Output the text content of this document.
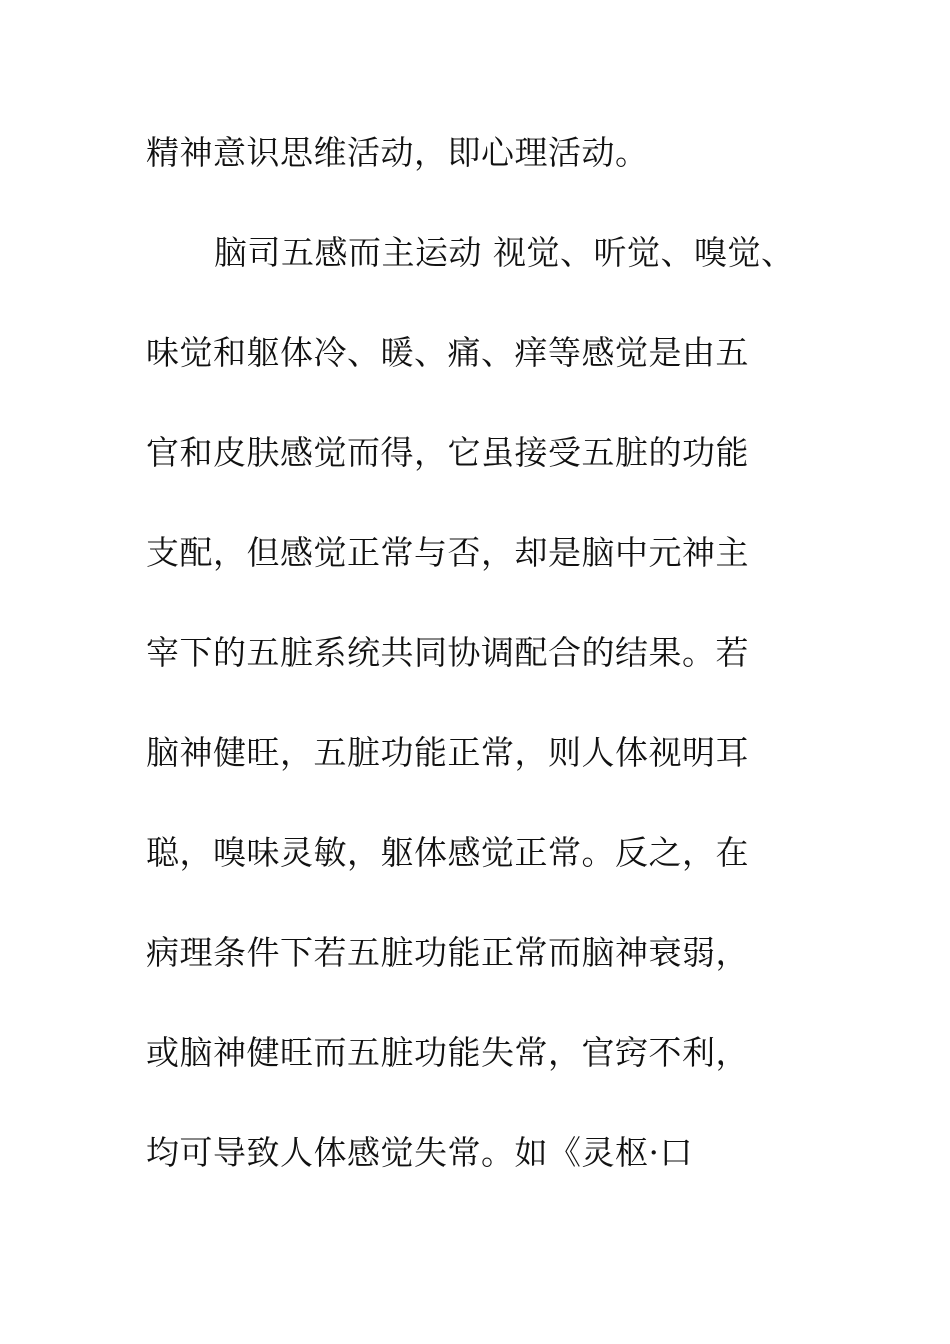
精神意识思维活动，即心理活动。
脑司五感而主运动 视觉、听觉、嗅觉、
味觉和躯体冷、暖、痛、痒等感觉是由五
官和皮肤感觉而得，它虽接受五脏的功能
支配，但感觉正常与否，却是脑中元神主
宰下的五脏系统共同协调配合的结果。若
脑神健旺，五脏功能正常，则人体视明耳
聪，嗅味灵敏，躯体感觉正常。反之，在
病理条件下若五脏功能正常而脑神衰弱，
或脑神健旺而五脏功能失常，官窍不利，
均可导致人体感觉失常。如《灵枢·口
